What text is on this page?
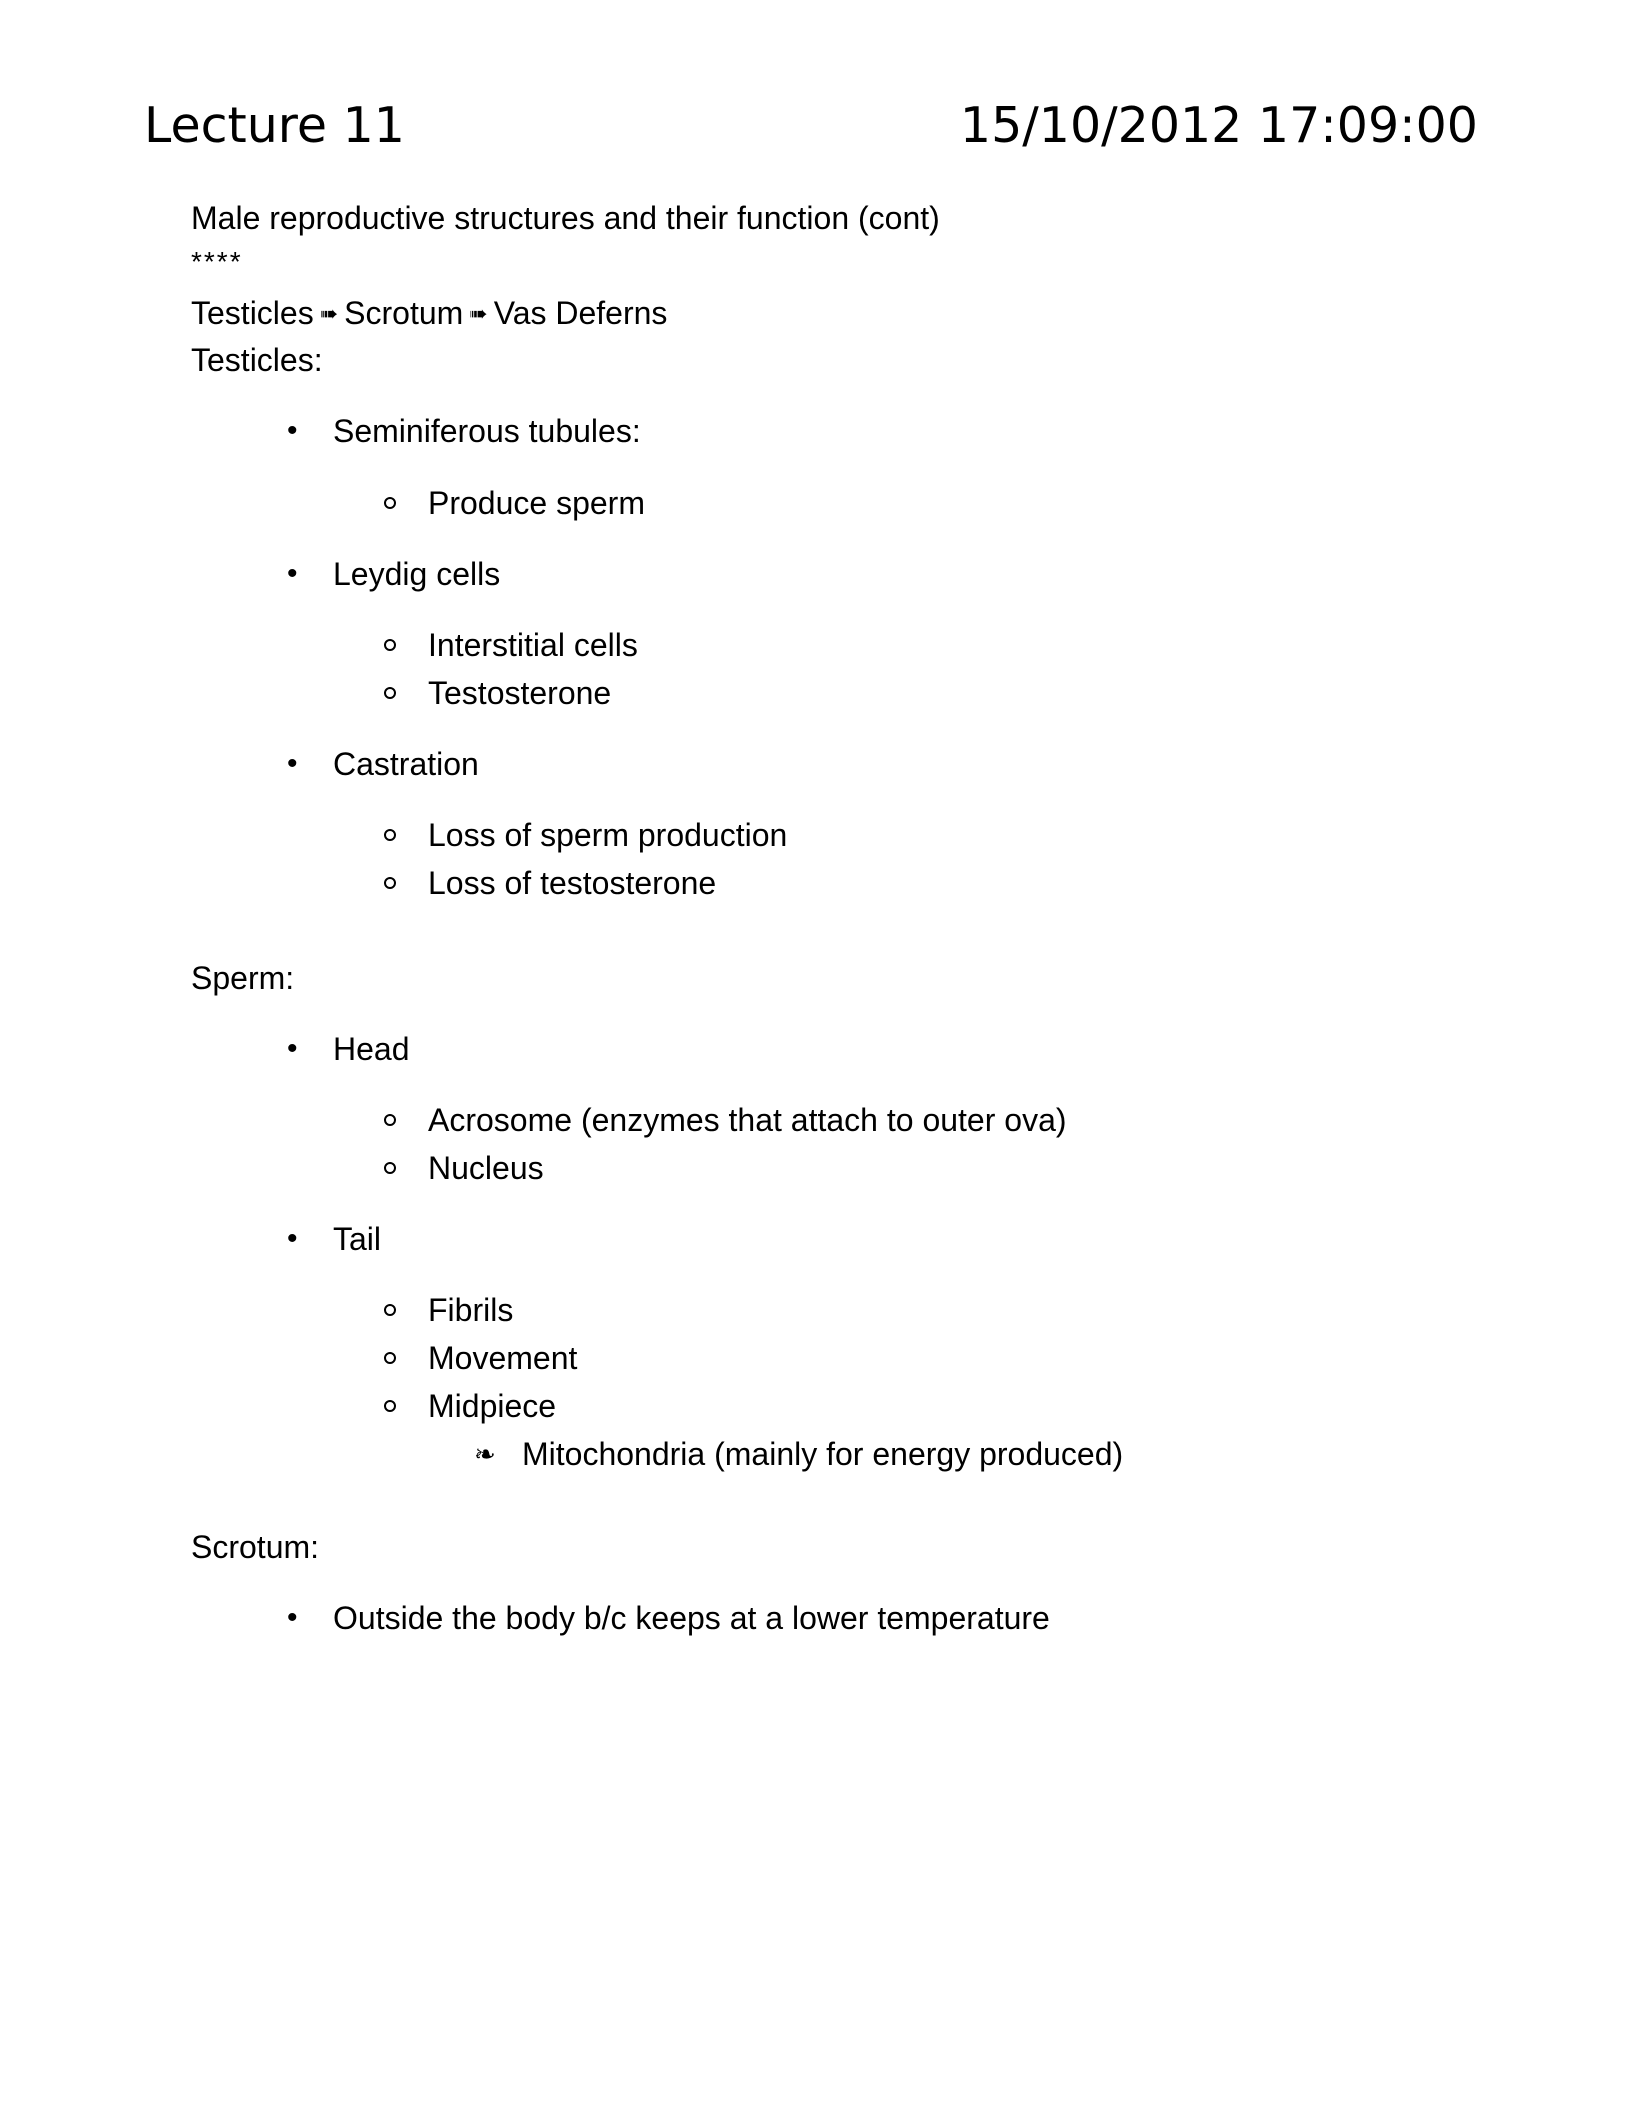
Lecture 11	15/10/2012 17:09:00
Male reproductive structures and their function (cont)
****
Testicles ➠ Scrotum ➠ Vas Deferns
Testicles:
• Seminiferous tubules:
Produce sperm
• Leydig cells
Interstitial cells
Testosterone
• Castration
Loss of sperm production
Loss of testosterone
Sperm:
• Head
Acrosome (enzymes that attach to outer ova)
Nucleus
• Tail
Fibrils
Movement
Midpiece
❧ Mitochondria (mainly for energy produced)
Scrotum:
• Outside the body b/c keeps at a lower temperature
